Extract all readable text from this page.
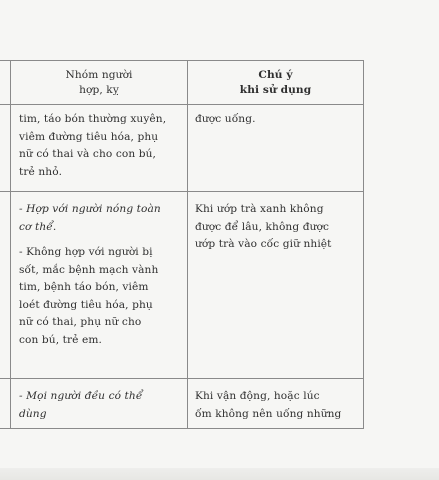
Nhóm người
hợp, kỵ
Chú ý
khi sử dụng
tim, táo bón thường xuyên,
viêm đường tiêu hóa, phụ
nữ có thai và cho con bú,
trẻ nhỏ.
được uống.
- Hợp với người nóng toàn
cơ thể.
- Không hợp với người bị
sốt, mắc bệnh mạch vành
tim, bệnh táo bón, viêm
loét đường tiêu hóa, phụ
nữ có thai, phụ nữ cho
con bú, trẻ em.
Khi ướp trà xanh không
được để lâu, không được
ướp trà vào cốc giữ nhiệt
- Mọi người đều có thể
dùng
Khi vận động, hoặc lúc
ốm không nên uống những
